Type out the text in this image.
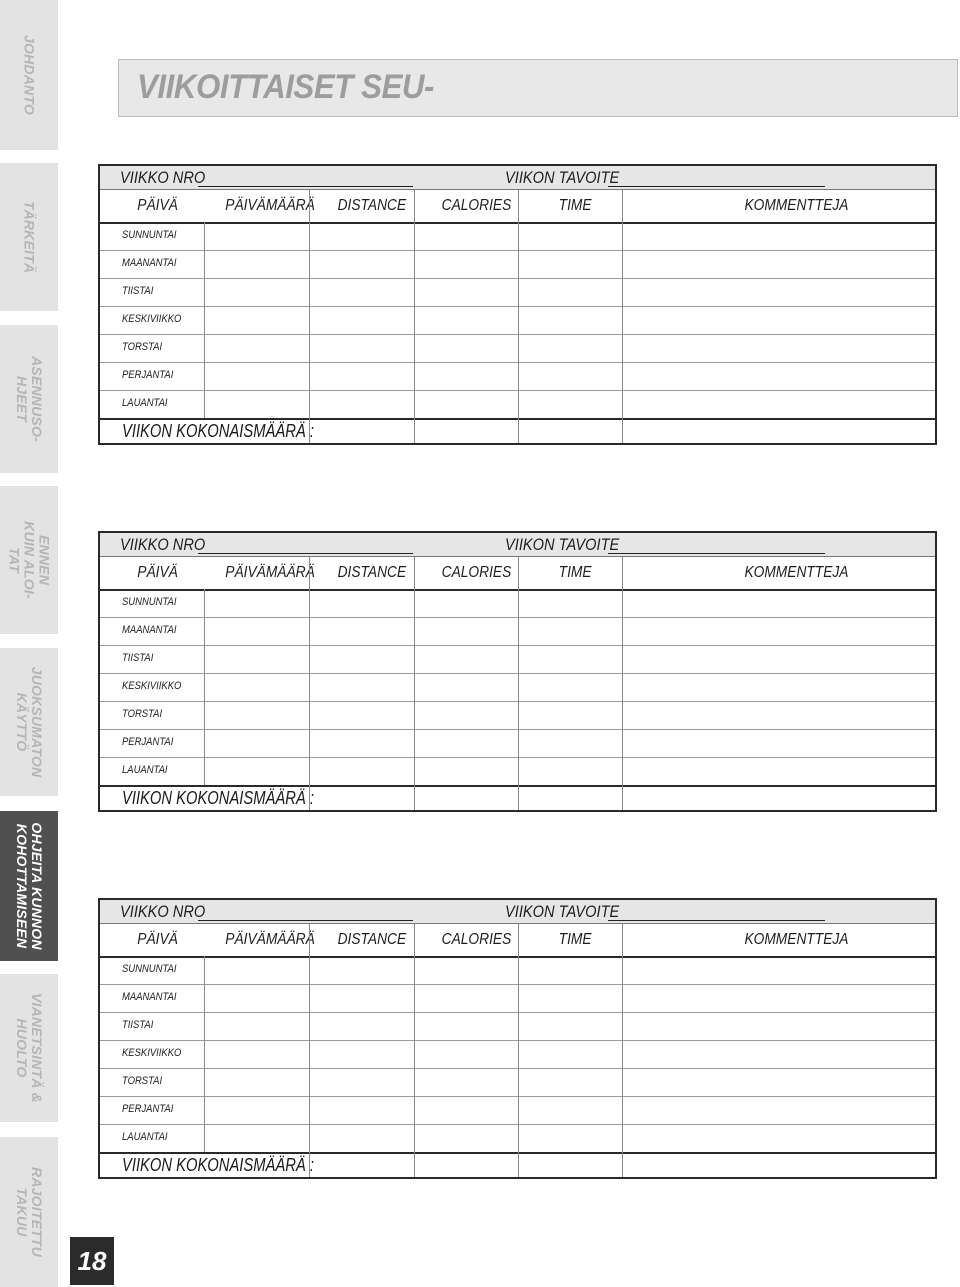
JOHDANTO
TÄRKEITÄ
ASENNUSO-
HJEET
ENNEN
KUIN ALOI-
TAT
JUOKSUMATON
KÄYTTÖ
OHJEITA KUNNON
KOHOTTAMISEEN
VIANETSINTÄ &
HUOLTO
RAJOITETTU
TAKUU
18
VIIKOITTAISET SEU-
VIIKKO NRO	VIIKON TAVOITE
PÄIVÄ	PÄIVÄMÄÄRÄ DISTANCE CALORIES	TIME	KOMMENTTEJA
SUNNUNTAI
MAANANTAI
TIISTAI
KESKIVIIKKO
TORSTAI
PERJANTAI
LAUANTAI
VIIKON KOKONAISMÄÄRÄ :
VIIKKO NRO	VIIKON TAVOITE
PÄIVÄ	PÄIVÄMÄÄRÄ DISTANCE CALORIES	TIME	KOMMENTTEJA
SUNNUNTAI
MAANANTAI
TIISTAI
KESKIVIIKKO
TORSTAI
PERJANTAI
LAUANTAI
VIIKON KOKONAISMÄÄRÄ :
VIIKKO NRO	VIIKON TAVOITE
PÄIVÄ	PÄIVÄMÄÄRÄ DISTANCE CALORIES	TIME	KOMMENTTEJA
SUNNUNTAI
MAANANTAI
TIISTAI
KESKIVIIKKO
TORSTAI
PERJANTAI
LAUANTAI
VIIKON KOKONAISMÄÄRÄ :
